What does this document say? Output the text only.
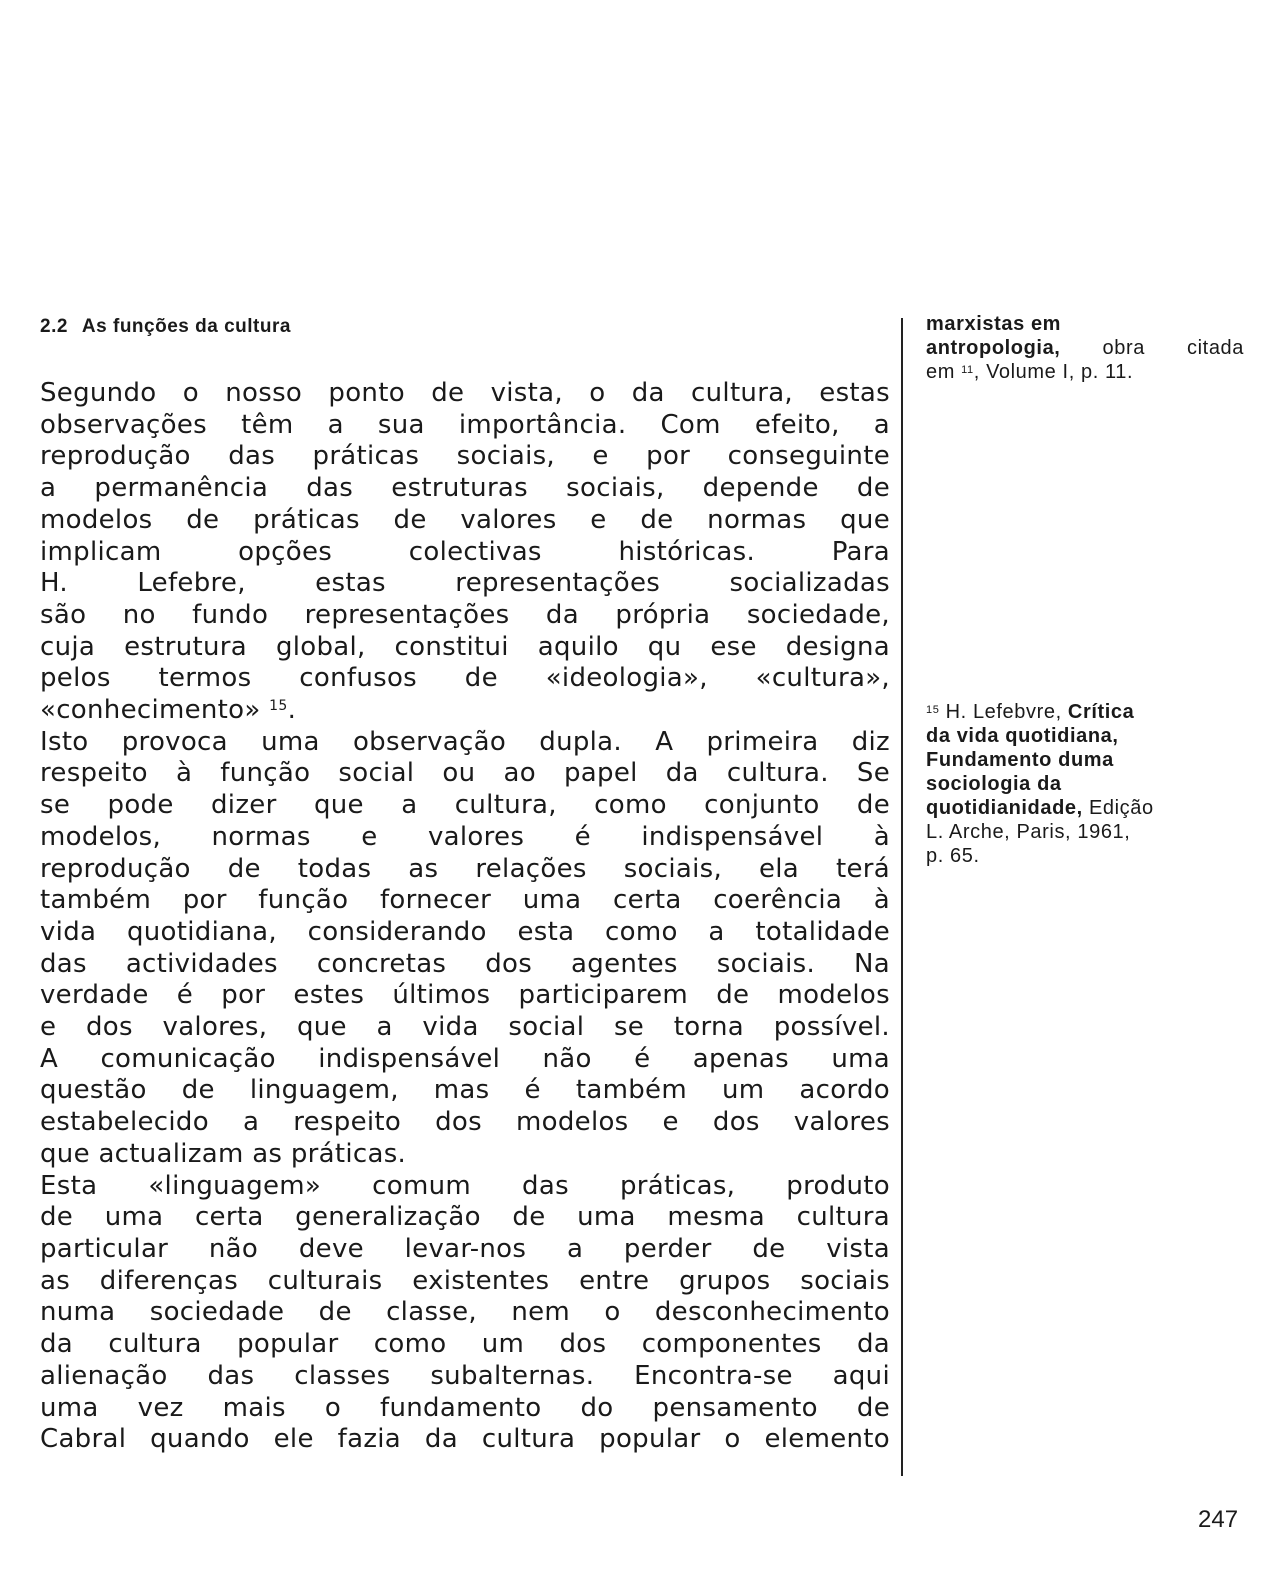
2.2 As funções da cultura
Segundo o nosso ponto de vista, o da cultura, estas
observações têm a sua importância. Com efeito, a
reprodução das práticas sociais, e por conseguinte
a permanência das estruturas sociais, depende de
modelos de práticas de valores e de normas que
implicam opções colectivas históricas. Para
H. Lefebre, estas representações socializadas
são no fundo representações da própria sociedade,
cuja estrutura global, constitui aquilo qu ese designa
pelos termos confusos de «ideologia», «cultura»,
«conhecimento» $^{15}$.
Isto provoca uma observação dupla. A primeira diz
respeito à função social ou ao papel da cultura. Se
se pode dizer que a cultura, como conjunto de
modelos, normas e valores é indispensável à
reprodução de todas as relações sociais, ela terá
também por função fornecer uma certa coerência à
vida quotidiana, considerando esta como a totalidade
das actividades concretas dos agentes sociais. Na
verdade é por estes últimos participarem de modelos
e dos valores, que a vida social se torna possível.
A comunicação indispensável não é apenas uma
questão de linguagem, mas é também um acordo
estabelecido a respeito dos modelos e dos valores
que actualizam as práticas.
Esta «linguagem» comum das práticas, produto
de uma certa generalização de uma mesma cultura
particular não deve levar-nos a perder de vista
as diferenças culturais existentes entre grupos sociais
numa sociedade de classe, nem o desconhecimento
da cultura popular como um dos componentes da
alienação das classes subalternas. Encontra-se aqui
uma vez mais o fundamento do pensamento de
Cabral quando ele fazia da cultura popular o elemento
marxistas em
antropologia, obra citada
em $^{11}$, Volume I, p. 11.
$^{15}$ H. Lefebvre, Crítica
da vida quotidiana,
Fundamento duma
sociologia da
quotidianidade, Edição
L. Arche, Paris, 1961,
p. 65.

247
